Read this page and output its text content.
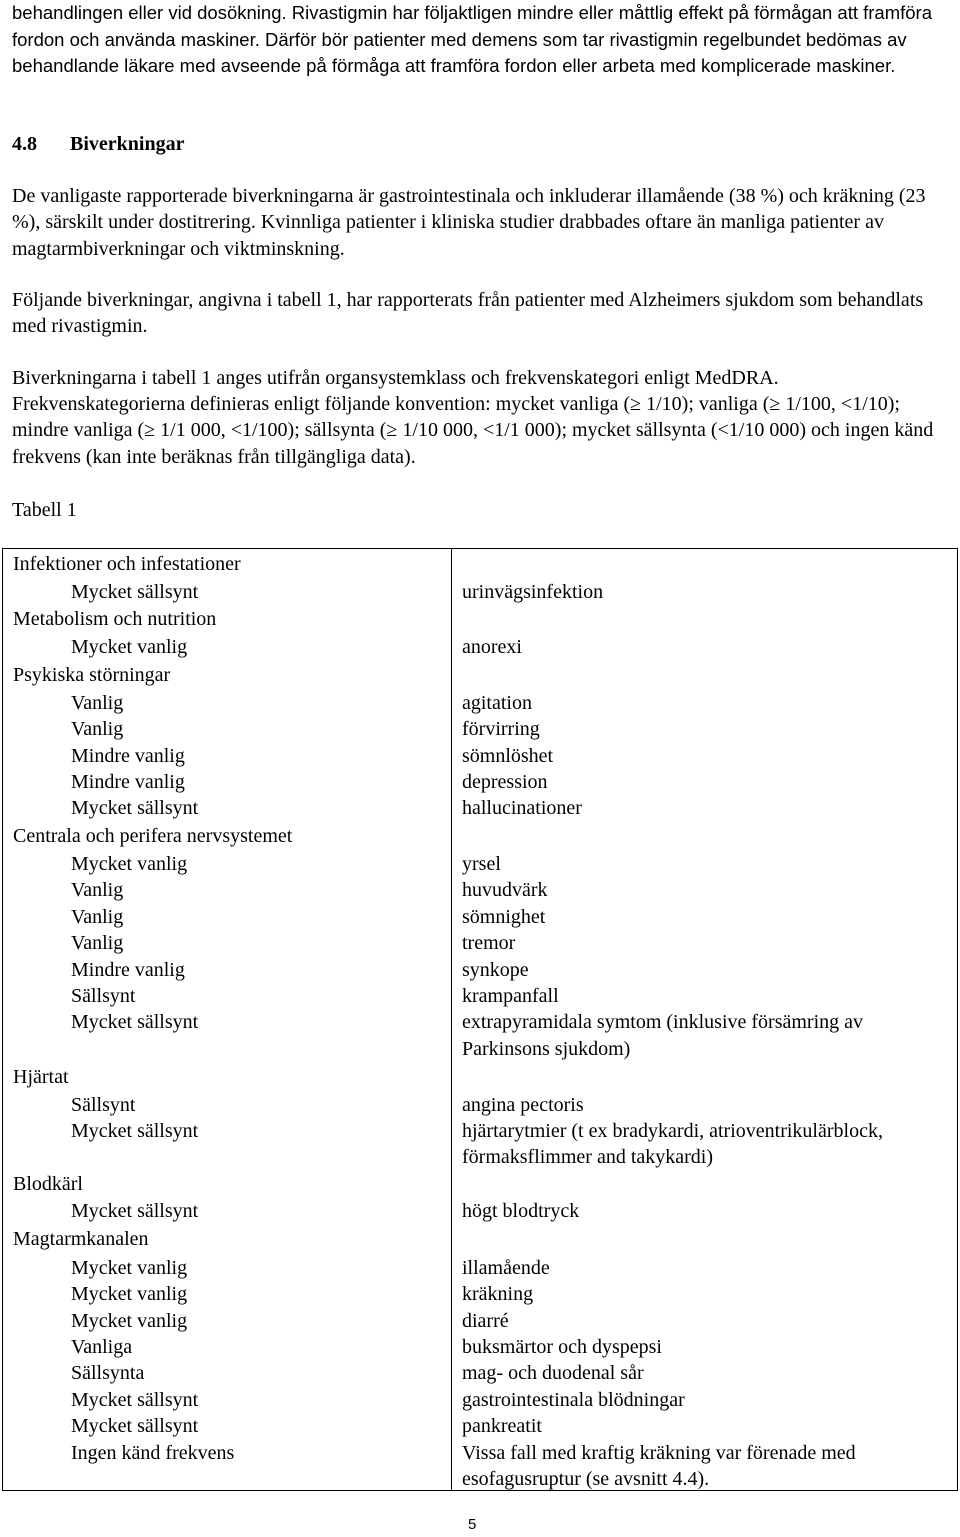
behandlingen eller vid dosökning. Rivastigmin har följaktligen mindre eller måttlig effekt på förmågan att framföra fordon och använda maskiner. Därför bör patienter med demens som tar rivastigmin regelbundet bedömas av behandlande läkare med avseende på förmåga att framföra fordon eller arbeta med komplicerade maskiner.

4.8 Biverkningar

De vanligaste rapporterade biverkningarna är gastrointestinala och inkluderar illamående (38 %) och kräkning (23 %), särskilt under dostitrering. Kvinnliga patienter i kliniska studier drabbades oftare än manliga patienter av magtarmbiverkningar och viktminskning.

Följande biverkningar, angivna i tabell 1, har rapporterats från patienter med Alzheimers sjukdom som behandlats med rivastigmin.

Biverkningarna i tabell 1 anges utifrån organsystemklass och frekvenskategori enligt MedDRA.

Frekvenskategorierna definieras enligt följande konvention: mycket vanliga (≥ 1/10); vanliga (≥ 1/100, <1/10); mindre vanliga (≥ 1/1 000, <1/100); sällsynta (≥ 1/10 000, <1/1 000); mycket sällsynta (<1/10 000) och ingen känd frekvens (kan inte beräknas från tillgängliga data).

Tabell 1

Infektioner och infestationer
Metabolism och nutrition
Psykiska störningar
Centrala och perifera nervsystemet
Hjärtat
Blodkärl
Magtarmkanalen
Mycket sällsynt
Mycket vanlig
Vanlig
Vanlig
Mindre vanlig
Mindre vanlig
Mycket sällsynt
Mycket vanlig
Vanlig
Vanlig
Vanlig
Mindre vanlig
Sällsynt
Mycket sällsynt
Sällsynt
Mycket sällsynt
Mycket sällsynt
Mycket vanlig
Mycket vanlig
Mycket vanlig
Vanliga
Sällsynta
Mycket sällsynt
Mycket sällsynt
Ingen känd frekvens
urinvägsinfektion
anorexi
agitation
förvirring
sömnlöshet
depression
hallucinationer
yrsel
huvudvärk
sömnighet
tremor
synkope
krampanfall
extrapyramidala symtom (inklusive försämring av
Parkinsons sjukdom)
angina pectoris
hjärtarytmier (t ex bradykardi, atrioventrikulärblock,
förmaksflimmer and takykardi)
högt blodtryck
illamående
kräkning
diarré
buksmärtor och dyspepsi
mag- och duodenal sår
gastrointestinala blödningar
pankreatit
Vissa fall med kraftig kräkning var förenade med
esofagusruptur (se avsnitt 4.4).

5
